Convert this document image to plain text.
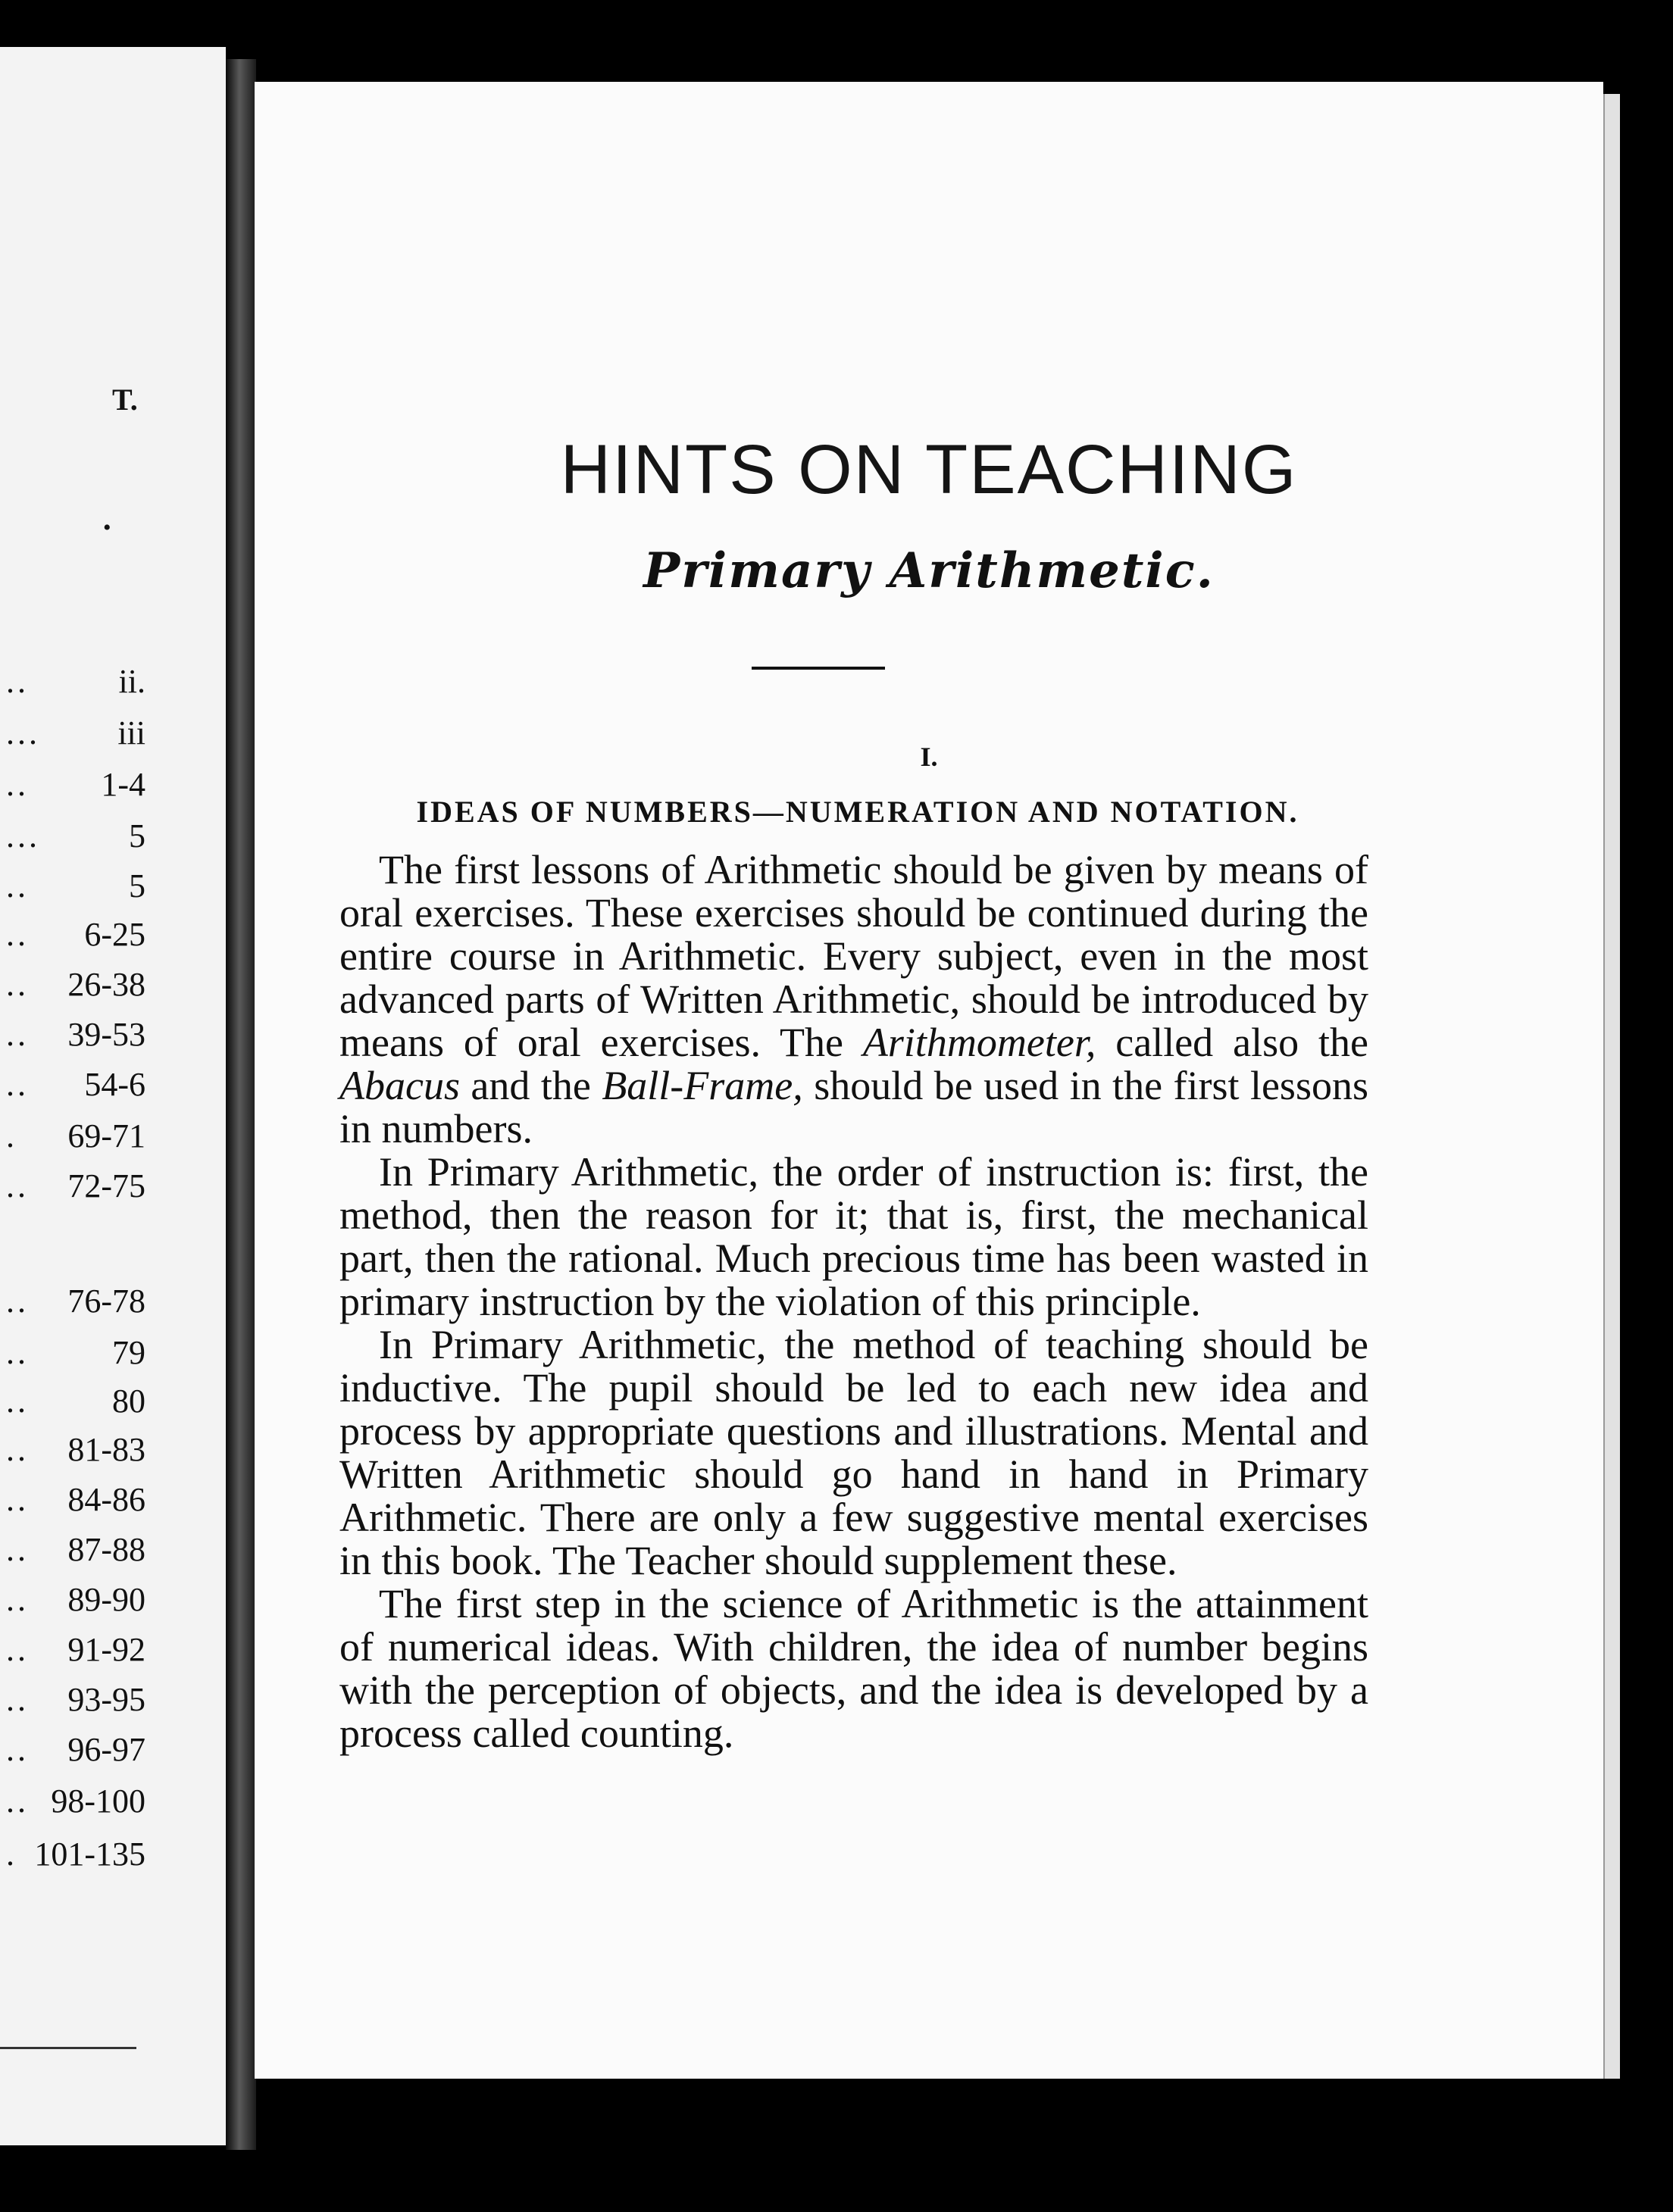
T.
•
..	ii.
... iii
.. 1-4
...	5
..	5
.. 6-25
.. 26-38
.. 39-53
.. 54-6
. 69-71
.. 72-75
.. 76-78
..	79
..	80
.. 81-83
.. 84-86
.. 87-88
.. 89-90
.. 91-92
.. 93-95
.. 96-97
.. 98-100
. 101-135
HINTS ON TEACHING
Primary Arithmetic.
I.
IDEAS OF NUMBERS—NUMERATION AND NOTATION.

The first lessons of Arithmetic should be given by means of oral exercises. These exercises should be continued during the entire course in Arithmetic. Every subject, even in the most advanced parts of Written Arithmetic, should be introduced by means of oral exercises. The Arithmometer, called also the Abacus and the Ball-Frame, should be used in the first lessons in numbers.

In Primary Arithmetic, the order of instruction is: first, the method, then the reason for it; that is, first, the mechanical part, then the rational. Much precious time has been wasted in primary instruction by the violation of this principle.

In Primary Arithmetic, the method of teaching should be inductive. The pupil should be led to each new idea and process by appropriate questions and illustrations. Mental and Written Arithmetic should go hand in hand in Primary Arithmetic. There are only a few suggestive mental exercises in this book. The Teacher should supplement these.

The first step in the science of Arithmetic is the attainment of numerical ideas. With children, the idea of number begins with the perception of objects, and the idea is developed by a process called counting.
